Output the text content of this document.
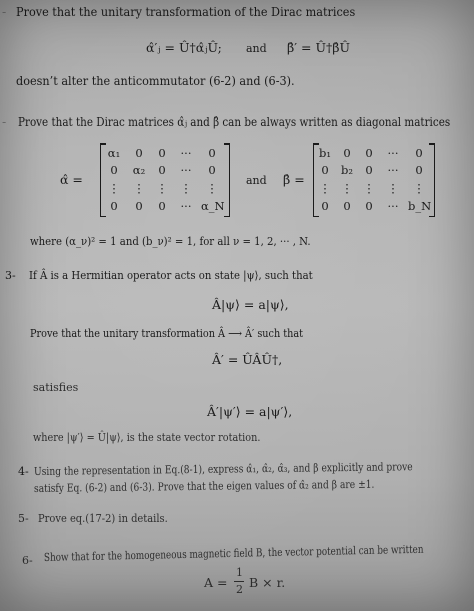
- Prove that the unitary transformation of the Dirac matrices
α̂′ⱼ = Û†α̂ⱼÛ; and β̂′ = Û†β̂Û
doesn’t alter the anticommutator (6-2) and (6-3).
- Prove that the Dirac matrices α̂ⱼ and β̂ can be always written as diagonal matrices
α̂ =
α₁	0	0	···	0
0	α₂	0	···	0
⋮	⋮	⋮	⋮	⋮
0	0	0	··· α_N
and β̂ =
b₁	0	0	···	0
0	b₂	0	···	0
⋮ ⋮ ⋮	⋮	⋮
0	0	0	··· b_N
where (α_ν)² = 1 and (b_ν)² = 1, for all ν = 1, 2, ··· , N.
3- If Â is a Hermitian operator acts on state |ψ⟩, such that
Â|ψ⟩ = a|ψ⟩,
Prove that the unitary transformation Â ⟶ Â′ such that
Â′ = ÛÂÛ†,
satisfies
Â′|ψ′⟩ = a|ψ′⟩,
where |ψ′⟩ = Û|ψ⟩, is the state vector rotation.
4- Using the representation in Eq.(8-1), express α̂₁, α̂₂, α̂₃, and β explicitly and prove
satisfy Eq. (6-2) and (6-3). Prove that the eigen values of α̂₂ and β are ±1.
5- Prove eq.(17-2) in details.
6- Show that for the homogeneous magnetic field B, the vector potential can be written
A =
1
2 B × r.
